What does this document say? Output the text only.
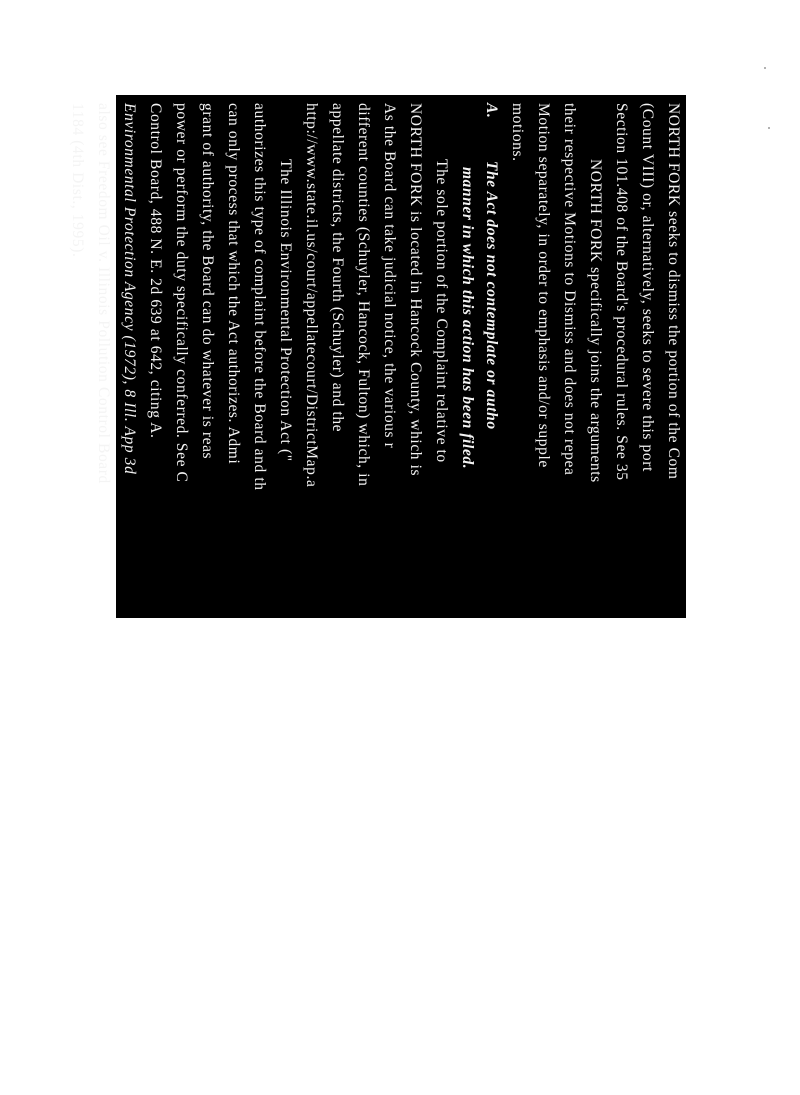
NORTH FORK seeks to dismiss the portion of the Com
(Count VIII) or, alternatively, seeks to severe this port
Section 101.408 of the Board's procedural rules. See 35
NORTH FORK specifically joins the arguments
their respective Motions to Dismiss and does not repea
Motion separately, in order to emphasis and/or supple
motions.
A. The Act does not contemplate or autho
manner in which this action has been filed.
The sole portion of the Complaint relative to
NORTH FORK is located in Hancock County, which is
As the Board can take judicial notice, the various r
different counties (Schuyler, Hancock, Fulton) which, in
appellate districts, the Fourth (Schuyler) and the
http://www.state.il.us/court/appellatecourt/DistrictMap.a
The Illinois Environmental Protection Act ("
authorizes this type of complaint before the Board and th
can only process that which the Act authorizes. Admi
grant of authority, the Board can do whatever is reas
power or perform the duty specifically conferred. See C
Control Board, 488 N. E. 2d 639 at 642, citing A.
Environmental Protection Agency (1972), 8 Ill. App 3d
also see Freedom Oil v. Illinois Pollution Control Board
1184 (4th Dist., 1995).
